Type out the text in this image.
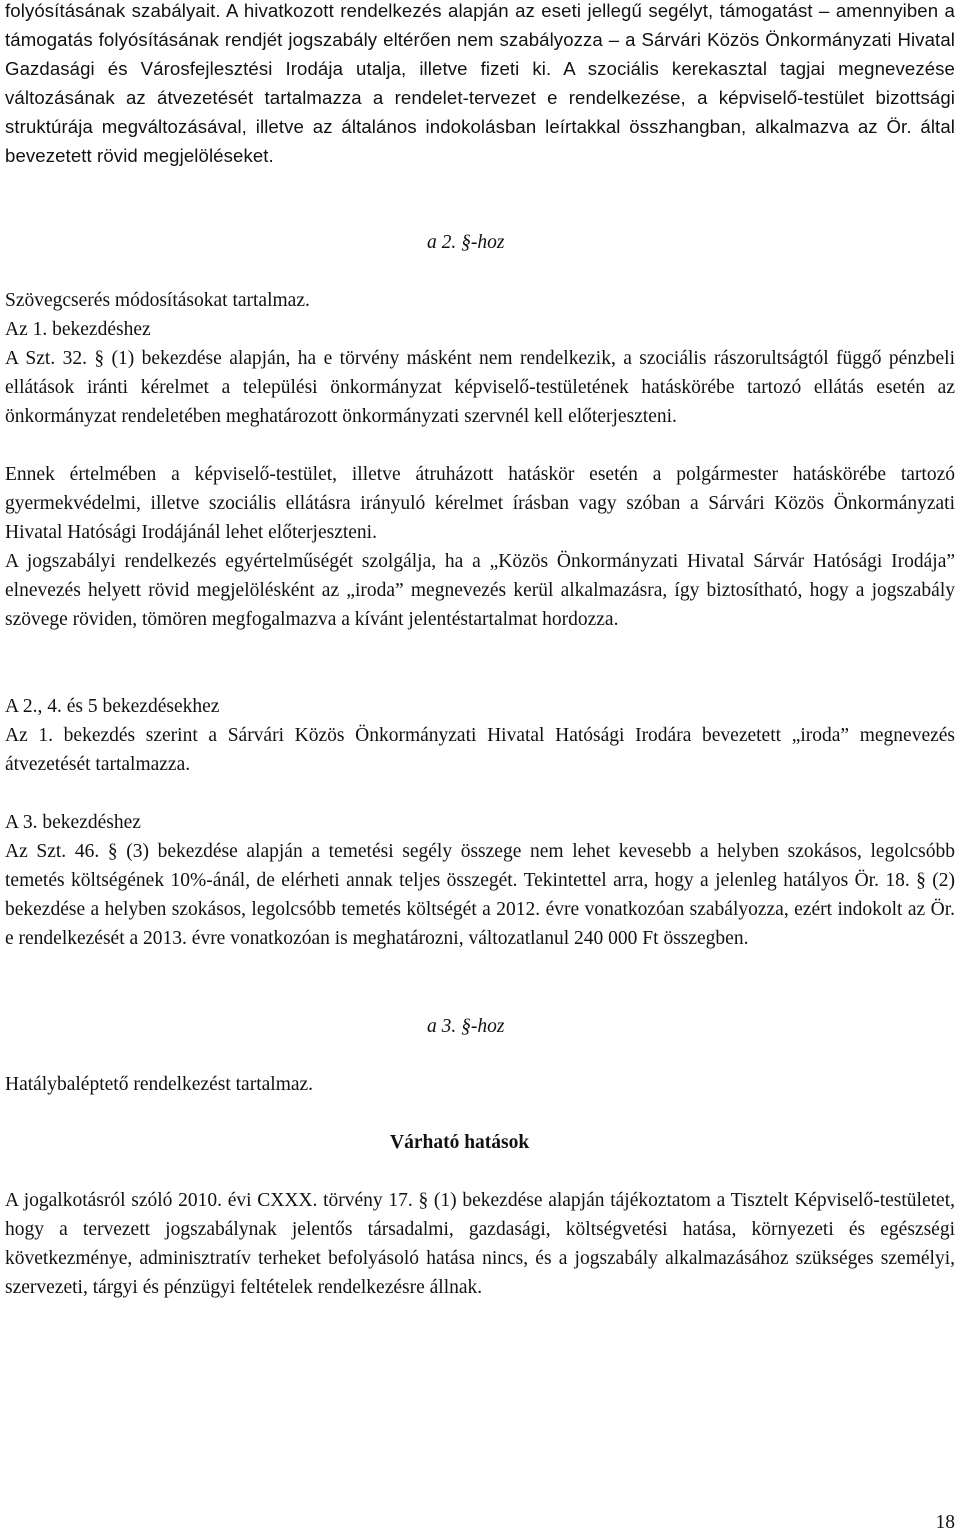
folyósításának szabályait. A hivatkozott rendelkezés alapján az eseti jellegű segélyt, támogatást – amennyiben a támogatás folyósításának rendjét jogszabály eltérően nem szabályozza – a Sárvári Közös Önkormányzati Hivatal Gazdasági és Városfejlesztési Irodája utalja, illetve fizeti ki. A szociális kerekasztal tagjai megnevezése változásának az átvezetését tartalmazza a rendelet-tervezet e rendelkezése, a képviselő-testület bizottsági struktúrája megváltozásával, illetve az általános indokolásban leírtakkal összhangban, alkalmazva az Ör. által bevezetett rövid megjelöléseket.

a 2. §-hoz
Szövegcserés módosításokat tartalmaz.
Az 1. bekezdéshez

A Szt. 32. § (1) bekezdése alapján, ha e törvény másként nem rendelkezik, a szociális rászorultságtól függő pénzbeli ellátások iránti kérelmet a települési önkormányzat képviselő-testületének hatáskörébe tartozó ellátás esetén az önkormányzat rendeletében meghatározott önkormányzati szervnél kell előterjeszteni.

Ennek értelmében a képviselő-testület, illetve átruházott hatáskör esetén a polgármester hatáskörébe tartozó gyermekvédelmi, illetve szociális ellátásra irányuló kérelmet írásban vagy szóban a Sárvári Közös Önkormányzati Hivatal Hatósági Irodájánál lehet előterjeszteni.

A jogszabályi rendelkezés egyértelműségét szolgálja, ha a „Közös Önkormányzati Hivatal Sárvár Hatósági Irodája” elnevezés helyett rövid megjelölésként az „iroda” megnevezés kerül alkalmazásra, így biztosítható, hogy a jogszabály szövege röviden, tömören megfogalmazva a kívánt jelentéstartalmat hordozza.

A 2., 4. és 5 bekezdésekhez

Az 1. bekezdés szerint a Sárvári Közös Önkormányzati Hivatal Hatósági Irodára bevezetett „iroda” megnevezés átvezetését tartalmazza.

A 3. bekezdéshez

Az Szt. 46. § (3) bekezdése alapján a temetési segély összege nem lehet kevesebb a helyben szokásos, legolcsóbb temetés költségének 10%-ánál, de elérheti annak teljes összegét. Tekintettel arra, hogy a jelenleg hatályos Ör. 18. § (2) bekezdése a helyben szokásos, legolcsóbb temetés költségét a 2012. évre vonatkozóan szabályozza, ezért indokolt az Ör. e rendelkezését a 2013. évre vonatkozóan is meghatározni, változatlanul 240 000 Ft összegben.

a 3. §-hoz
Hatálybaléptető rendelkezést tartalmaz.
Várható hatások

A jogalkotásról szóló 2010. évi CXXX. törvény 17. § (1) bekezdése alapján tájékoztatom a Tisztelt Képviselő-testületet, hogy a tervezett jogszabálynak jelentős társadalmi, gazdasági, költségvetési hatása, környezeti és egészségi következménye, adminisztratív terheket befolyásoló hatása nincs, és a jogszabály alkalmazásához szükséges személyi, szervezeti, tárgyi és pénzügyi feltételek rendelkezésre állnak.

18
